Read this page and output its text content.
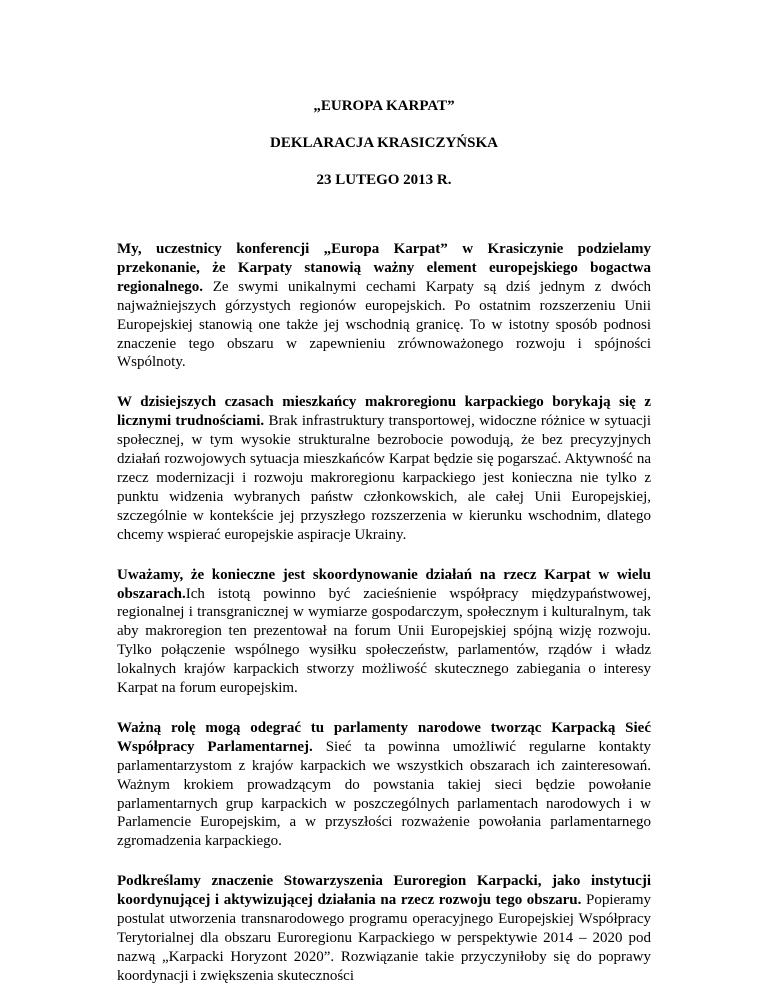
„EUROPA KARPAT”
DEKLARACJA KRASICZYŃSKA
23 LUTEGO 2013 R.

My, uczestnicy konferencji „Europa Karpat” w Krasiczynie podzielamy przekonanie, że Karpaty stanowią ważny element europejskiego bogactwa regionalnego. Ze swymi unikalnymi cechami Karpaty są dziś jednym z dwóch najważniejszych górzystych regionów europejskich. Po ostatnim rozszerzeniu Unii Europejskiej stanowią one także jej wschodnią granicę. To w istotny sposób podnosi znaczenie tego obszaru w zapewnieniu zrównoważonego rozwoju i spójności Wspólnoty.

W dzisiejszych czasach mieszkańcy makroregionu karpackiego borykają się z licznymi trudnościami. Brak infrastruktury transportowej, widoczne różnice w sytuacji społecznej, w tym wysokie strukturalne bezrobocie powodują, że bez precyzyjnych działań rozwojowych sytuacja mieszkańców Karpat będzie się pogarszać. Aktywność na rzecz modernizacji i rozwoju makroregionu karpackiego jest konieczna nie tylko z punktu widzenia wybranych państw członkowskich, ale całej Unii Europejskiej, szczególnie w kontekście jej przyszłego rozszerzenia w kierunku wschodnim, dlatego chcemy wspierać europejskie aspiracje Ukrainy.

Uważamy, że konieczne jest skoordynowanie działań na rzecz Karpat w wielu obszarach.Ich istotą powinno być zacieśnienie współpracy międzypaństwowej, regionalnej i transgranicznej w wymiarze gospodarczym, społecznym i kulturalnym, tak aby makroregion ten prezentował na forum Unii Europejskiej spójną wizję rozwoju. Tylko połączenie wspólnego wysiłku społeczeństw, parlamentów, rządów i władz lokalnych krajów karpackich stworzy możliwość skutecznego zabiegania o interesy Karpat na forum europejskim.

Ważną rolę mogą odegrać tu parlamenty narodowe tworząc Karpacką Sieć Współpracy Parlamentarnej. Sieć ta powinna umożliwić regularne kontakty parlamentarzystom z krajów karpackich we wszystkich obszarach ich zainteresowań. Ważnym krokiem prowadzącym do powstania takiej sieci będzie powołanie parlamentarnych grup karpackich w poszczególnych parlamentach narodowych i w Parlamencie Europejskim, a w przyszłości rozważenie powołania parlamentarnego zgromadzenia karpackiego.

Podkreślamy znaczenie Stowarzyszenia Euroregion Karpacki, jako instytucji koordynującej i aktywizującej działania na rzecz rozwoju tego obszaru. Popieramy postulat utworzenia transnarodowego programu operacyjnego Europejskiej Współpracy Terytorialnej dla obszaru Euroregionu Karpackiego w perspektywie 2014 – 2020 pod nazwą „Karpacki Horyzont 2020”. Rozwiązanie takie przyczyniłoby się do poprawy koordynacji i zwiększenia skuteczności
